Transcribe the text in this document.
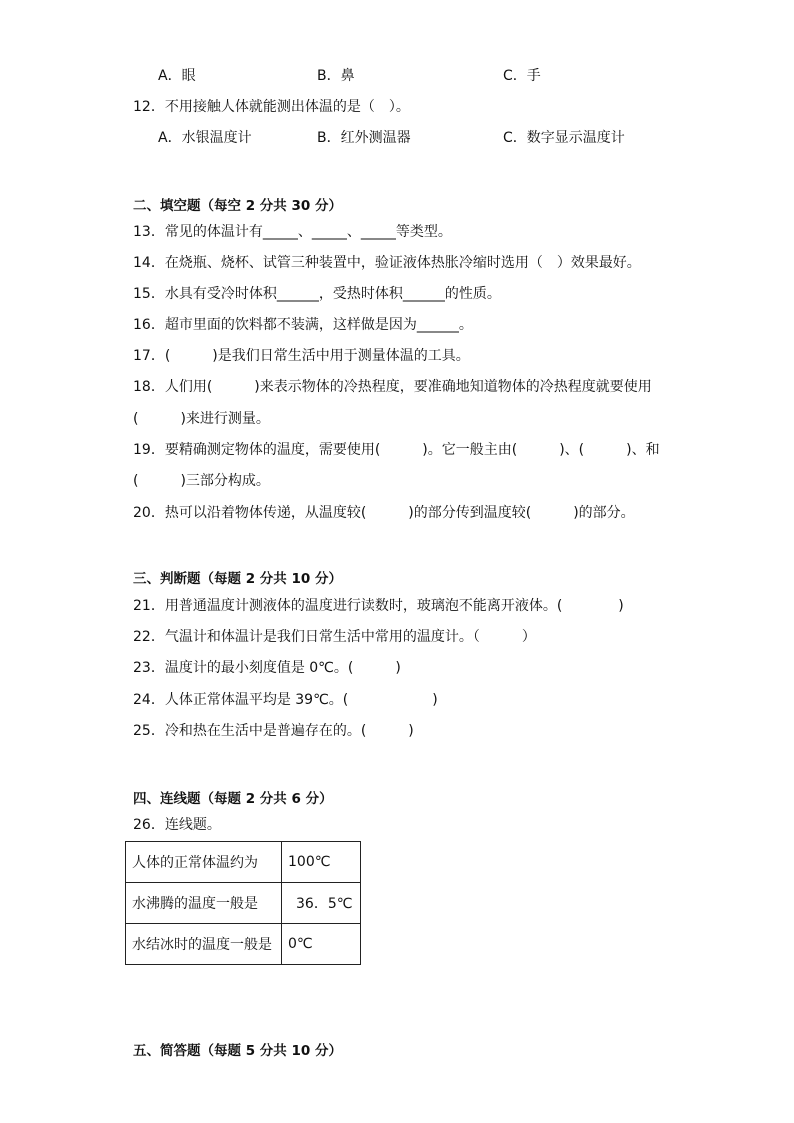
A．眼	B．鼻	C．手
12．不用接触人体就能测出体温的是（　）。
A．水银温度计	B．红外测温器	C．数字显示温度计
二、填空题（每空 2 分共 30 分）
13．常见的体温计有_____、_____、_____等类型。
14．在烧瓶、烧杯、试管三种装置中，验证液体热胀冷缩时选用（　）效果最好。
15．水具有受冷时体积______，受热时体积______的性质。
16．超市里面的饮料都不装满，这样做是因为______。
17．(　　　)是我们日常生活中用于测量体温的工具。
18．人们用(　　　)来表示物体的冷热程度，要准确地知道物体的冷热程度就要使用
(　　　)来进行测量。
19．要精确测定物体的温度，需要使用(　　　)。它一般主由(　　　)、(　　　)、和
(　　　)三部分构成。
20．热可以沿着物体传递，从温度较(　　　)的部分传到温度较(　　　)的部分。
三、判断题（每题 2 分共 10 分）
21．用普通温度计测液体的温度进行读数时，玻璃泡不能离开液体。(　　　　)
22．气温计和体温计是我们日常生活中常用的温度计。（　　　）
23．温度计的最小刻度值是 0℃。(　　　)
24．人体正常体温平均是 39℃。(　　　　　　)
25．冷和热在生活中是普遍存在的。(　　　)
四、连线题（每题 2 分共 6 分）
26．连线题。
人体的正常体温约为	100℃
水沸腾的温度一般是	36．5℃
水结冰时的温度一般是	0℃
五、简答题（每题 5 分共 10 分）
